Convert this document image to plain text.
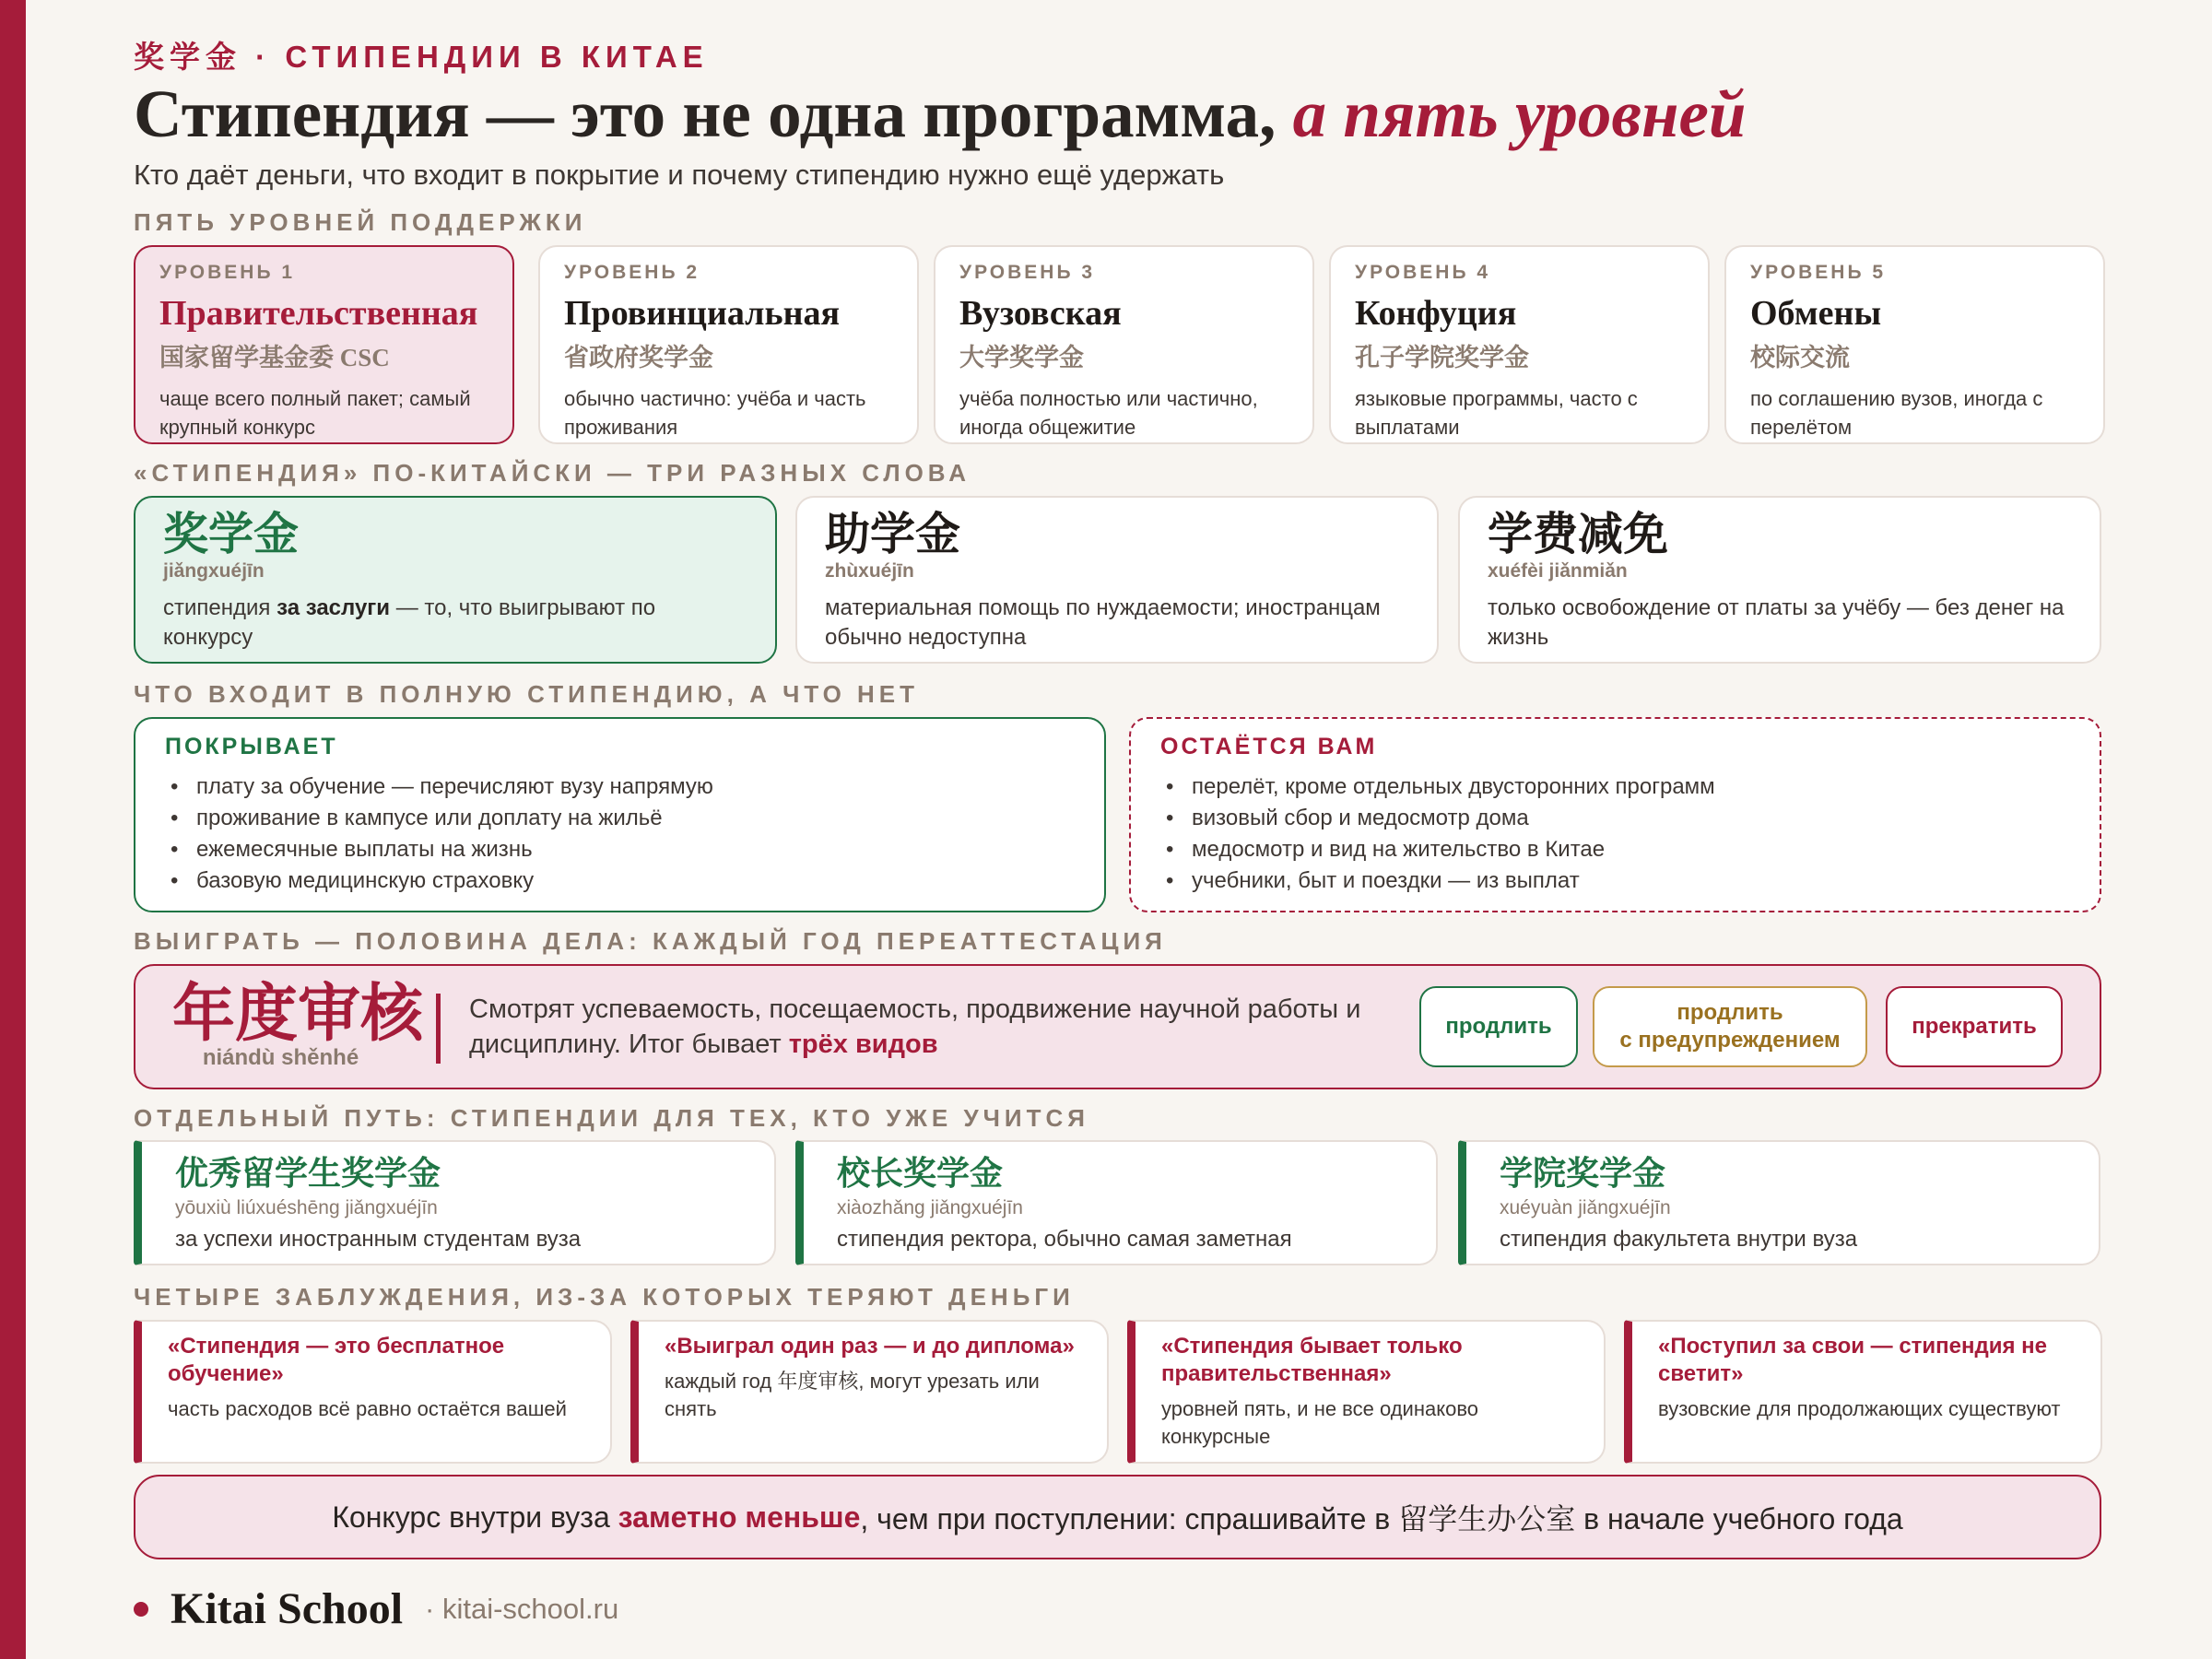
奖学金 · СТИПЕНДИИ В КИТАЕ
Стипендия — это не одна программа, а пять уровней
Кто даёт деньги, что входит в покрытие и почему стипендию нужно ещё удержать
ПЯТЬ УРОВНЕЙ ПОДДЕРЖКИ
УРОВЕНЬ 1
Правительственная
国家留学基金委 CSC
чаще всего полный пакет; самый крупный конкурс
УРОВЕНЬ 2
Провинциальная
省政府奖学金
обычно частично: учёба и часть проживания
УРОВЕНЬ 3
Вузовская
大学奖学金
учёба полностью или частично, иногда общежитие
УРОВЕНЬ 4
Конфуция
孔子学院奖学金
языковые программы, часто с выплатами
УРОВЕНЬ 5
Обмены
校际交流
по соглашению вузов, иногда с перелётом
«СТИПЕНДИЯ» ПО-КИТАЙСКИ — ТРИ РАЗНЫХ СЛОВА
奖学金
jiǎngxuéjīn
стипендия за заслуги — то, что выигрывают по конкурсу
助学金
zhùxuéjīn
материальная помощь по нуждаемости; иностранцам обычно недоступна
学费减免
xuéfèi jiǎnmiǎn
только освобождение от платы за учёбу — без денег на жизнь
ЧТО ВХОДИТ В ПОЛНУЮ СТИПЕНДИЮ, А ЧТО НЕТ
ПОКРЫВАЕТ
• плату за обучение — перечисляют вузу напрямую
• проживание в кампусе или доплату на жильё
• ежемесячные выплаты на жизнь
• базовую медицинскую страховку
ОСТАЁТСЯ ВАМ
• перелёт, кроме отдельных двусторонних программ
• визовый сбор и медосмотр дома
• медосмотр и вид на жительство в Китае
• учебники, быт и поездки — из выплат
ВЫИГРАТЬ — ПОЛОВИНА ДЕЛА: КАЖДЫЙ ГОД ПЕРЕАТТЕСТАЦИЯ
年度审核
niándù shěnhé
Смотрят успеваемость, посещаемость, продвижение научной работы и дисциплину. Итог бывает трёх видов
продлить
продлить
с предупреждением
прекратить
ОТДЕЛЬНЫЙ ПУТЬ: СТИПЕНДИИ ДЛЯ ТЕХ, КТО УЖЕ УЧИТСЯ
优秀留学生奖学金
yōuxiù liúxuéshēng jiǎngxuéjīn
за успехи иностранным студентам вуза
校长奖学金
xiàozhǎng jiǎngxuéjīn
стипендия ректора, обычно самая заметная
学院奖学金
xuéyuàn jiǎngxuéjīn
стипендия факультета внутри вуза
ЧЕТЫРЕ ЗАБЛУЖДЕНИЯ, ИЗ-ЗА КОТОРЫХ ТЕРЯЮТ ДЕНЬГИ
«Стипендия — это бесплатное обучение»
часть расходов всё равно остаётся вашей
«Выиграл один раз — и до диплома»
каждый год 年度审核, могут урезать или снять
«Стипендия бывает только правительственная»
уровней пять, и не все одинаково конкурсные
«Поступил за свои — стипендия не светит»
вузовские для продолжающих существуют
Конкурс внутри вуза
заметно меньше , чем при поступлении: спрашивайте в 留学生办公室 в начале учебного года
Kitai School · kitai-school.ru
